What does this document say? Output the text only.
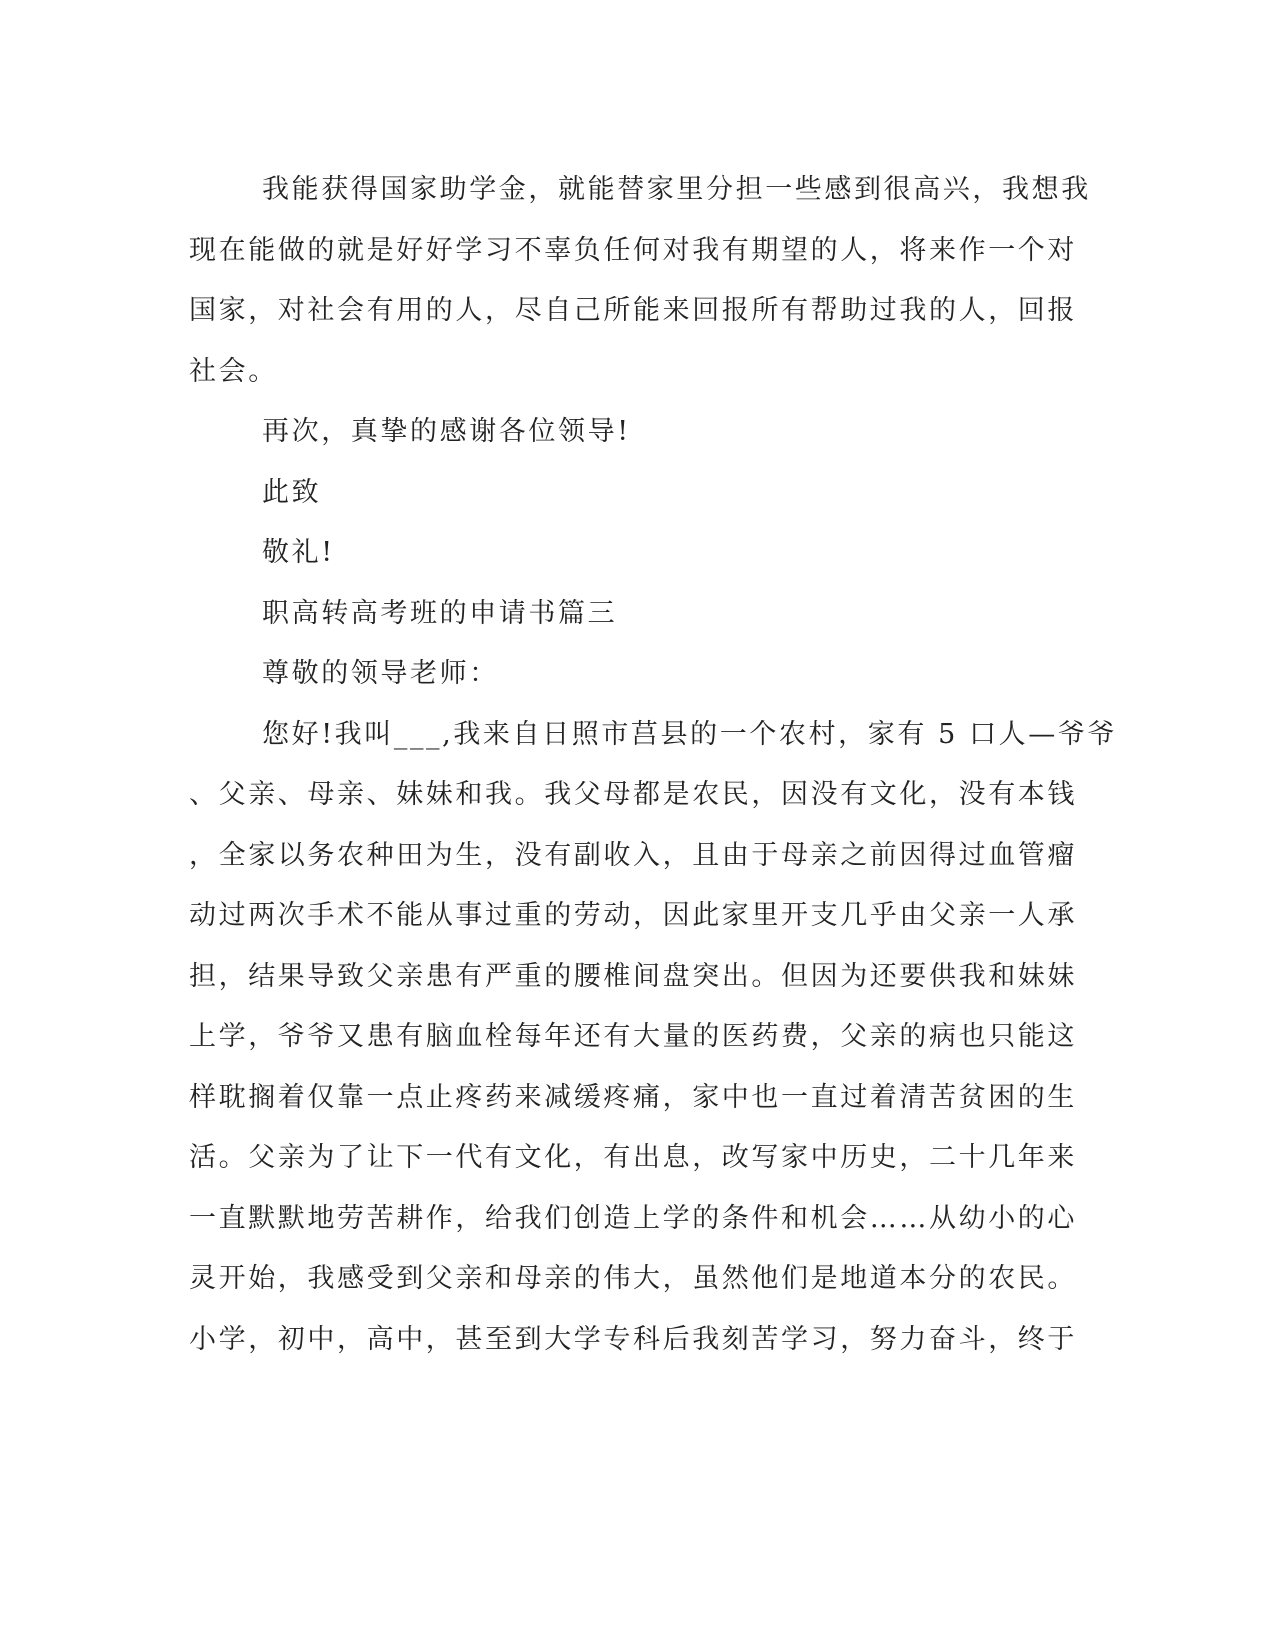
我能获得国家助学金，就能替家里分担一些感到很高兴，我想我
现在能做的就是好好学习不辜负任何对我有期望的人，将来作一个对
国家，对社会有用的人，尽自己所能来回报所有帮助过我的人，回报
社会。
再次，真挚的感谢各位领导!
此致
敬礼!
职高转高考班的申请书篇三
尊敬的领导老师：
您好!我叫___,我来自日照市莒县的一个农村，家有 5 口人—爷爷
、父亲、母亲、妹妹和我。我父母都是农民，因没有文化，没有本钱
，全家以务农种田为生，没有副收入，且由于母亲之前因得过血管瘤
动过两次手术不能从事过重的劳动，因此家里开支几乎由父亲一人承
担，结果导致父亲患有严重的腰椎间盘突出。但因为还要供我和妹妹
上学，爷爷又患有脑血栓每年还有大量的医药费，父亲的病也只能这
样耽搁着仅靠一点止疼药来减缓疼痛，家中也一直过着清苦贫困的生
活。父亲为了让下一代有文化，有出息，改写家中历史，二十几年来
一直默默地劳苦耕作，给我们创造上学的条件和机会……从幼小的心
灵开始，我感受到父亲和母亲的伟大，虽然他们是地道本分的农民。
小学，初中，高中，甚至到大学专科后我刻苦学习，努力奋斗，终于
